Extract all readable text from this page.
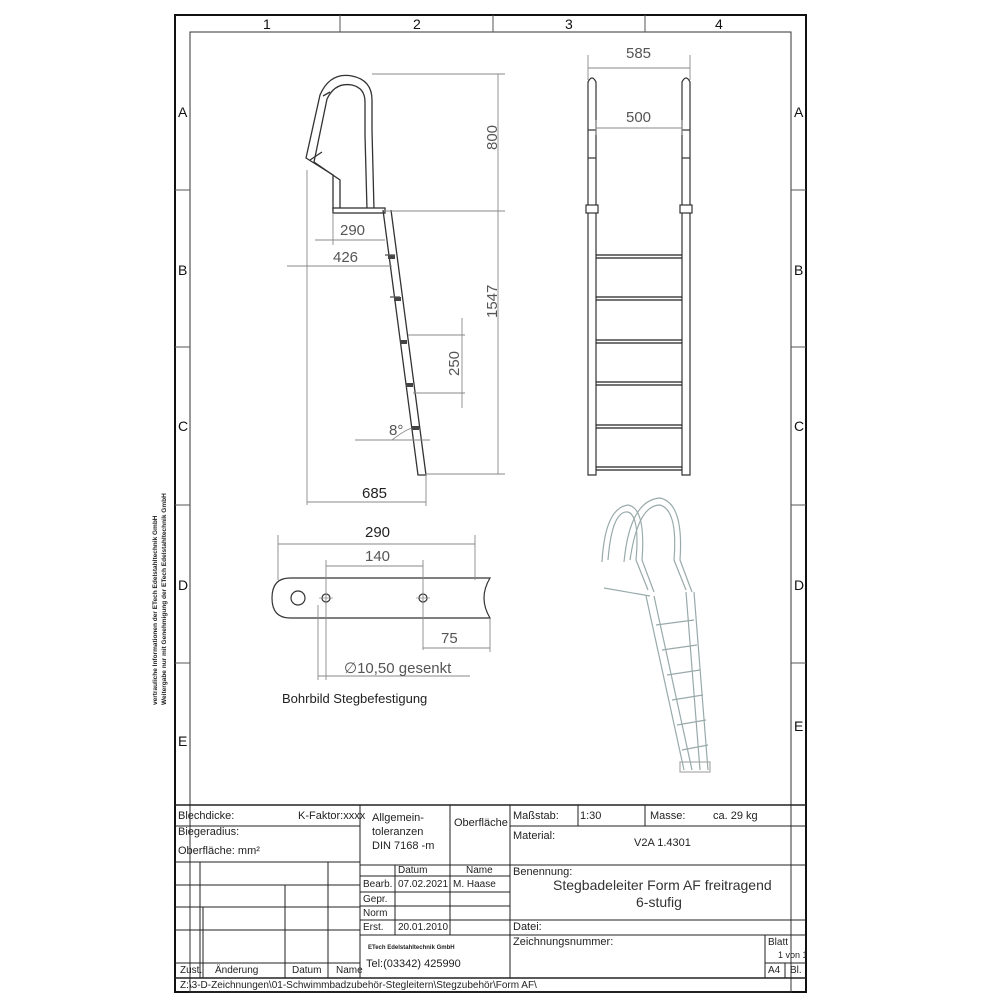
1	2	3	4
A
B
C
D
E
A
B
C
D
E
vertrauliche Informationen der ETech Edelstahltechnik GmbH Weitergabe nur mit Genehmigung der ETech Edelstahltechnik GmbH
800
1547
290
426
250
8°
685
585
500
290
140
75
∅10,50 gesenkt
Bohrbild Stegbefestigung
Blechdicke:	K-Faktor:xxxx
Biegeradius:
Oberfläche: mm²
Allgemein-
toleranzen
DIN 7168 -m
Oberfläche
Maßstab: 1:30	Masse:	ca. 29 kg
Material:
V2A 1.4301
Datum	Name
Bearb. 07.02.2021 M. Haase
Gepr.
Norm
Erst. 20.01.2010
ETech Edelstahltechnik GmbH
Tel:(03342) 425990
Benennung:
Stegbadeleiter Form AF freitragend
6-stufig
Datei:
Zeichnungsnummer:	Blatt
1 von 1
A4 Bl.
Zust. Änderung	Datum Name
Z:\3-D-Zeichnungen\01-Schwimmbadzubehör-Stegleitern\Stegzubehör\Form AF\
